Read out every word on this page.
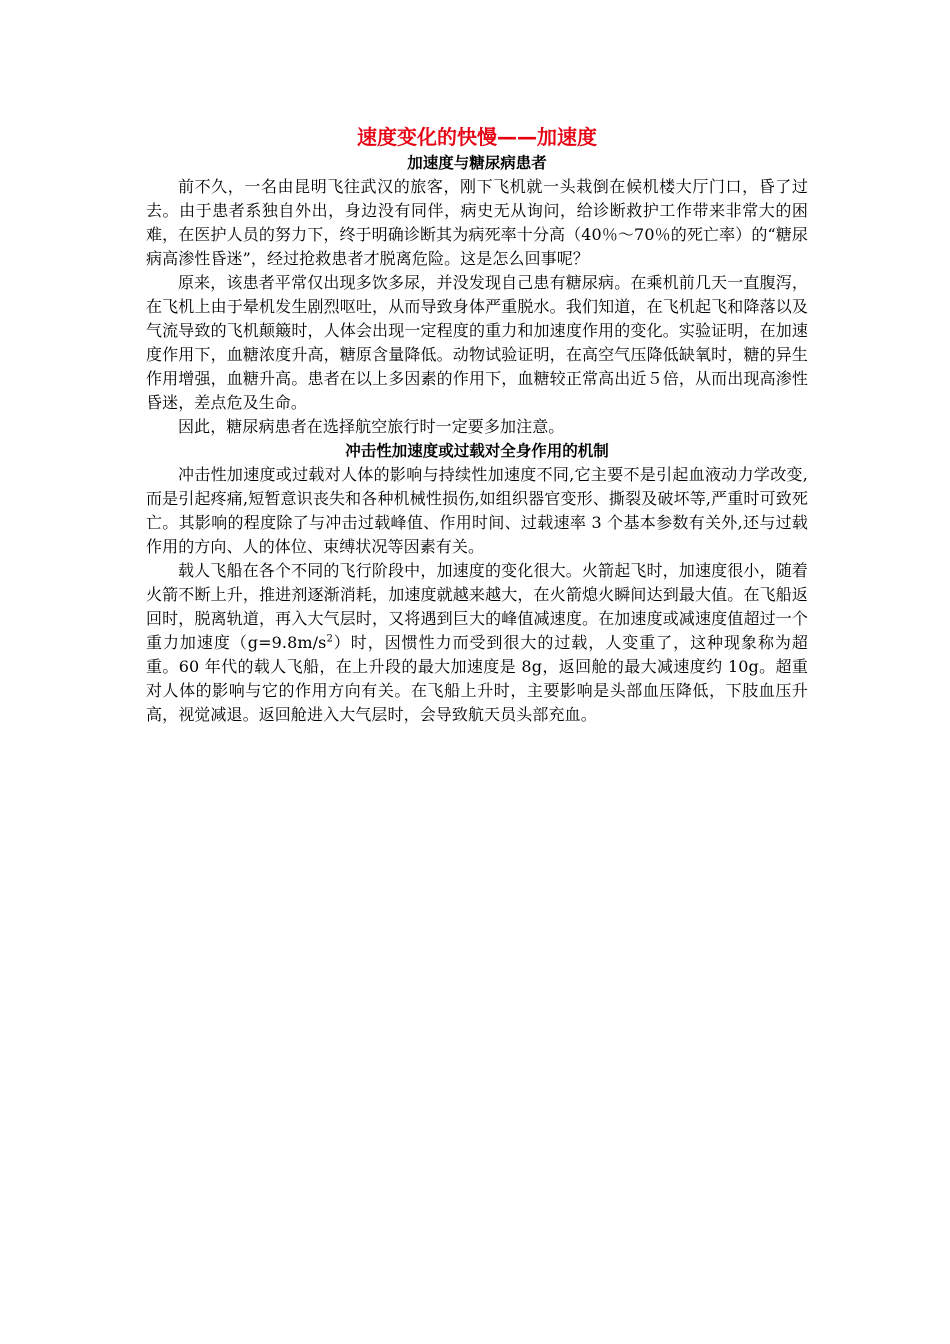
速度变化的快慢——加速度
加速度与糖尿病患者

前不久，一名由昆明飞往武汉的旅客，刚下飞机就一头栽倒在候机楼大厅门口，昏了过去。由于患者系独自外出，身边没有同伴，病史无从询问，给诊断救护工作带来非常大的困难，在医护人员的努力下，终于明确诊断其为病死率十分高（40％～70％的死亡率）的“糖尿病高渗性昏迷”，经过抢救患者才脱离危险。这是怎么回事呢？

原来，该患者平常仅出现多饮多尿，并没发现自己患有糖尿病。在乘机前几天一直腹泻，在飞机上由于晕机发生剧烈呕吐，从而导致身体严重脱水。我们知道，在飞机起飞和降落以及气流导致的飞机颠簸时，人体会出现一定程度的重力和加速度作用的变化。实验证明，在加速度作用下，血糖浓度升高，糖原含量降低。动物试验证明，在高空气压降低缺氧时，糖的异生作用增强，血糖升高。患者在以上多因素的作用下，血糖较正常高出近５倍，从而出现高渗性昏迷，差点危及生命。

因此，糖尿病患者在选择航空旅行时一定要多加注意。

冲击性加速度或过载对全身作用的机制

冲击性加速度或过载对人体的影响与持续性加速度不同,它主要不是引起血液动力学改变,而是引起疼痛,短暂意识丧失和各种机械性损伤,如组织器官变形、撕裂及破坏等,严重时可致死亡。其影响的程度除了与冲击过载峰值、作用时间、过载速率 3 个基本参数有关外,还与过载作用的方向、人的体位、束缚状况等因素有关。

载人飞船在各个不同的飞行阶段中，加速度的变化很大。火箭起飞时，加速度很小，随着火箭不断上升，推进剂逐渐消耗，加速度就越来越大，在火箭熄火瞬间达到最大值。在飞船返回时，脱离轨道，再入大气层时，又将遇到巨大的峰值减速度。在加速度或减速度值超过一个重力加速度$(g=9.8m/s^2)$时，因惯性力而受到很大的过载，人变重了，这种现象称为超重。60 年代的载人飞船，在上升段的最大加速度是 8g，返回舱的最大减速度约 10g。超重对人体的影响与它的作用方向有关。在飞船上升时，主要影响是头部血压降低，下肢血压升高，视觉减退。返回舱进入大气层时，会导致航天员头部充血。
